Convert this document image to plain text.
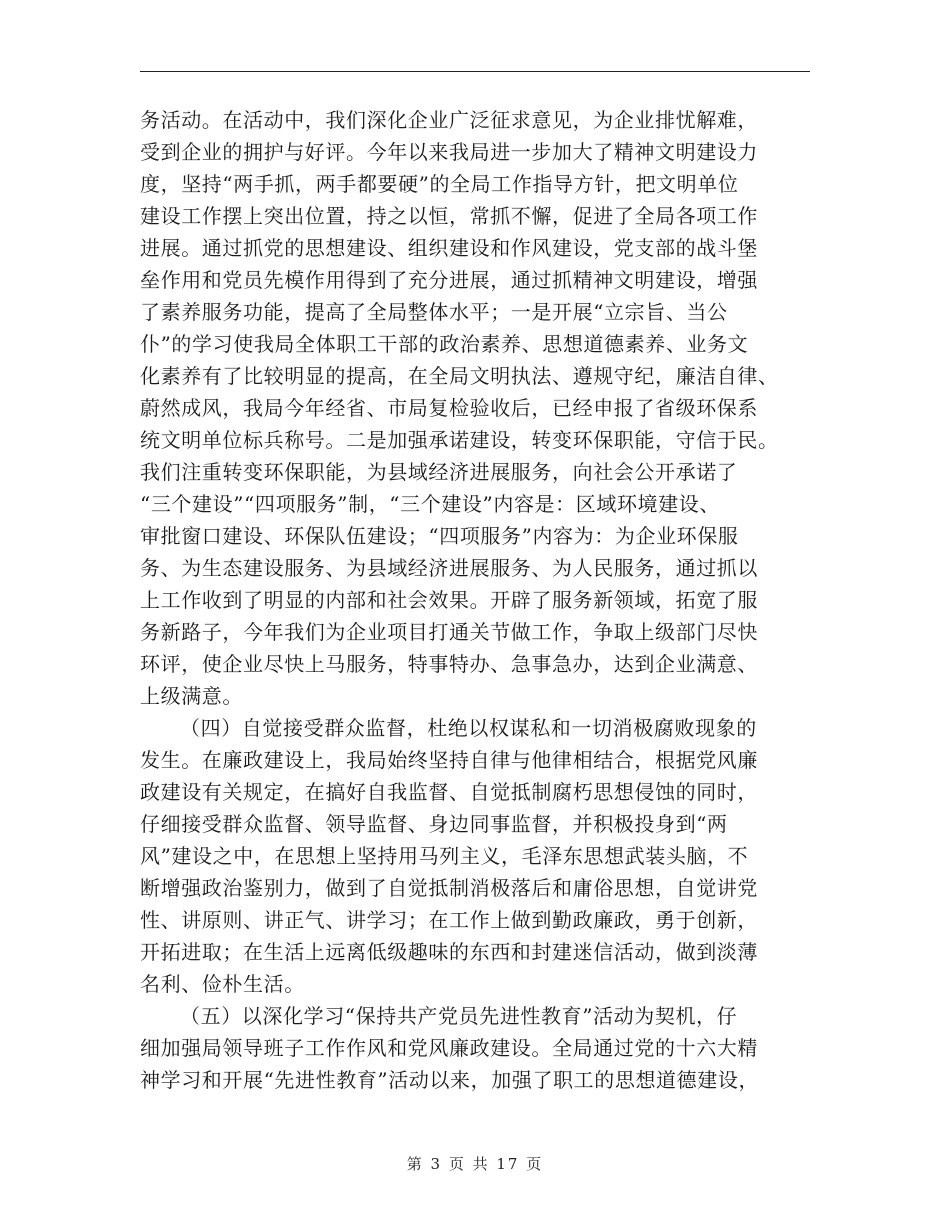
务活动。在活动中，我们深化企业广泛征求意见，为企业排忧解难，
受到企业的拥护与好评。今年以来我局进一步加大了精神文明建设力
度，坚持“两手抓，两手都要硬”的全局工作指导方针，把文明单位
建设工作摆上突出位置，持之以恒，常抓不懈，促进了全局各项工作
进展。通过抓党的思想建设、组织建设和作风建设，党支部的战斗堡
垒作用和党员先模作用得到了充分进展，通过抓精神文明建设，增强
了素养服务功能，提高了全局整体水平；一是开展“立宗旨、当公
仆”的学习使我局全体职工干部的政治素养、思想道德素养、业务文
化素养有了比较明显的提高，在全局文明执法、遵规守纪，廉洁自律、
蔚然成风，我局今年经省、市局复检验收后，已经申报了省级环保系
统文明单位标兵称号。二是加强承诺建设，转变环保职能，守信于民。
我们注重转变环保职能，为县域经济进展服务，向社会公开承诺了
“三个建设”“四项服务”制，“三个建设”内容是：区域环境建设、
审批窗口建设、环保队伍建设；“四项服务”内容为：为企业环保服
务、为生态建设服务、为县域经济进展服务、为人民服务，通过抓以
上工作收到了明显的内部和社会效果。开辟了服务新领域，拓宽了服
务新路子，今年我们为企业项目打通关节做工作，争取上级部门尽快
环评，使企业尽快上马服务，特事特办、急事急办，达到企业满意、
上级满意。
（四）自觉接受群众监督，杜绝以权谋私和一切消极腐败现象的
发生。在廉政建设上，我局始终坚持自律与他律相结合，根据党风廉
政建设有关规定，在搞好自我监督、自觉抵制腐朽思想侵蚀的同时，
仔细接受群众监督、领导监督、身边同事监督，并积极投身到“两
风”建设之中，在思想上坚持用马列主义，毛泽东思想武装头脑，不
断增强政治鉴别力，做到了自觉抵制消极落后和庸俗思想，自觉讲党
性、讲原则、讲正气、讲学习；在工作上做到勤政廉政，勇于创新，
开拓进取；在生活上远离低级趣味的东西和封建迷信活动，做到淡薄
名利、俭朴生活。
（五）以深化学习“保持共产党员先进性教育”活动为契机，仔
细加强局领导班子工作作风和党风廉政建设。全局通过党的十六大精
神学习和开展“先进性教育”活动以来，加强了职工的思想道德建设，
第 3 页 共 17 页
